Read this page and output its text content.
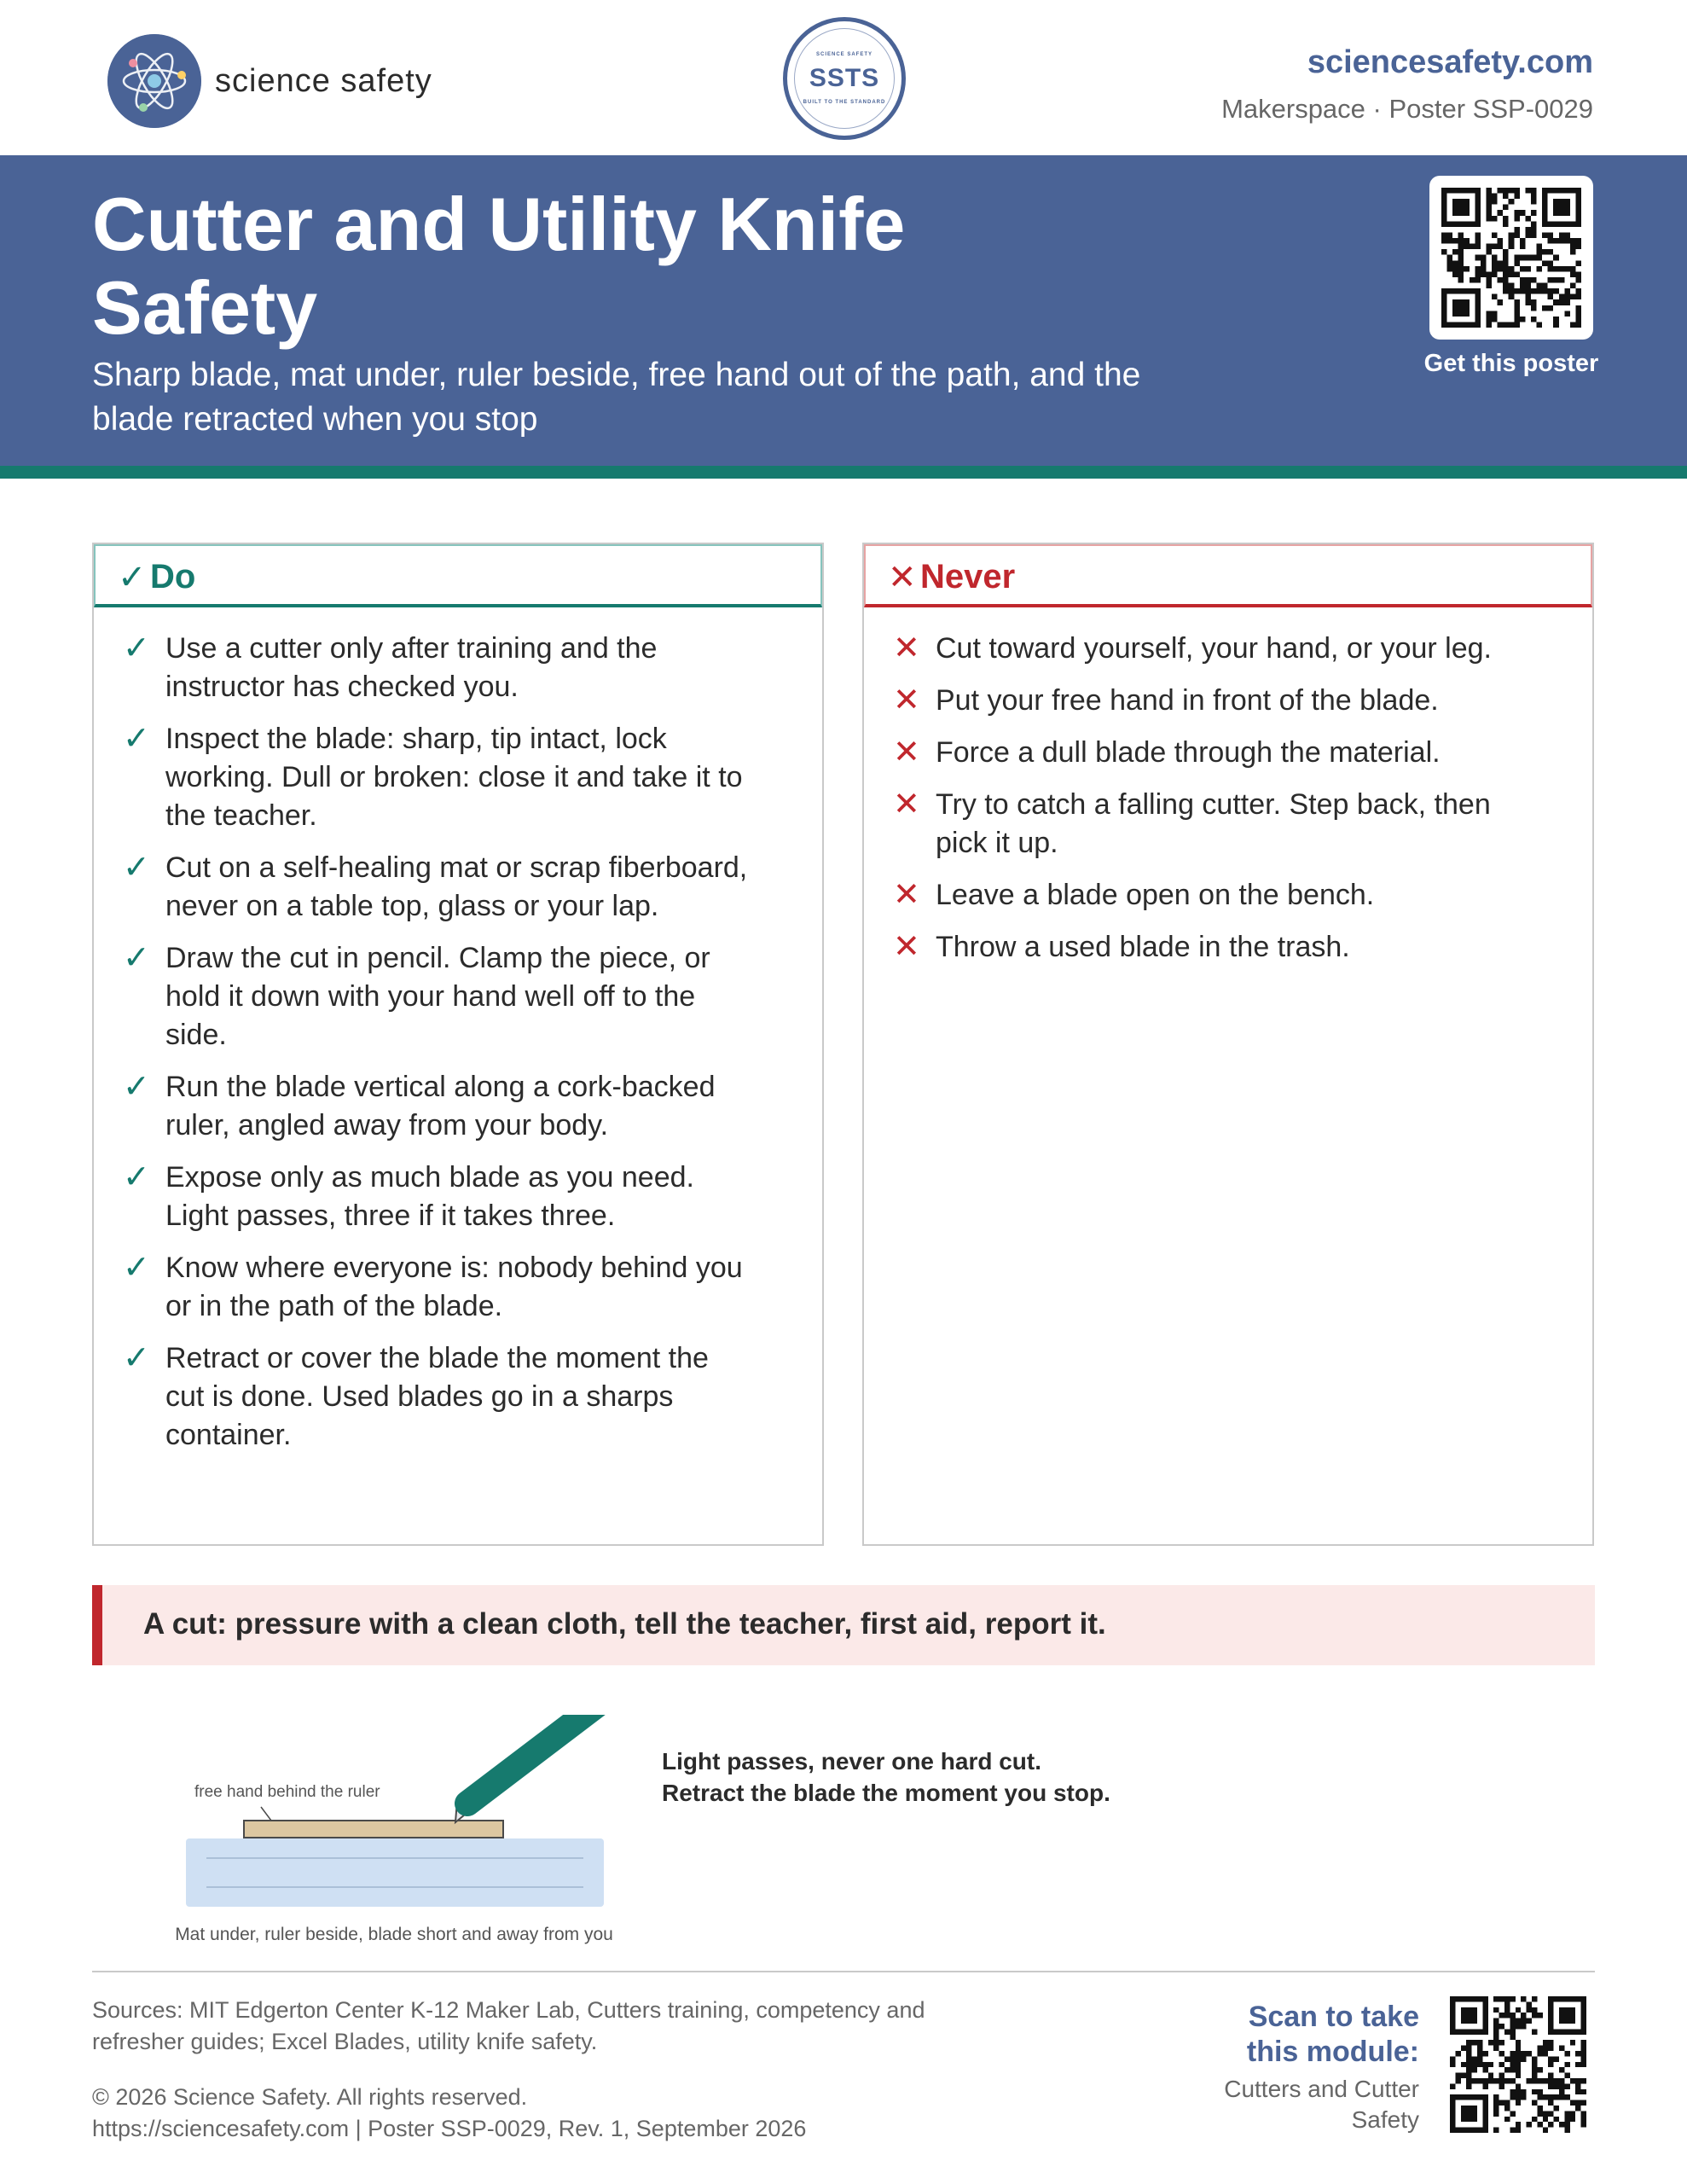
science safety
SCIENCE SAFETY
SSTS
BUILT TO THE STANDARD
sciencesafety.com
Makerspace · Poster SSP-0029
Cutter and Utility Knife Safety
Sharp blade, mat under, ruler beside, free hand out of the path, and the blade retracted when you stop
Get this poster
✓ Do
✓ Use a cutter only after training and the instructor has checked you.
✓ Inspect the blade: sharp, tip intact, lock working. Dull or broken: close it and take it to the teacher.
✓ Cut on a self-healing mat or scrap fiberboard, never on a table top, glass or your lap.
✓ Draw the cut in pencil. Clamp the piece, or hold it down with your hand well off to the side.
✓ Run the blade vertical along a cork-backed ruler, angled away from your body.
✓ Expose only as much blade as you need. Light passes, three if it takes three.
✓ Know where everyone is: nobody behind you or in the path of the blade.
✓ Retract or cover the blade the moment the cut is done. Used blades go in a sharps container.
✕ Never
✕ Cut toward yourself, your hand, or your leg.
✕ Put your free hand in front of the blade.
✕ Force a dull blade through the material.
✕ Try to catch a falling cutter. Step back, then pick it up.
✕ Leave a blade open on the bench.
✕ Throw a used blade in the trash.
A cut: pressure with a clean cloth, tell the teacher, first aid, report it.
free hand behind the ruler
Mat under, ruler beside, blade short and away from you
Light passes, never one hard cut.
Retract the blade the moment you stop.
Sources: MIT Edgerton Center K-12 Maker Lab, Cutters training, competency and
refresher guides; Excel Blades, utility knife safety.
© 2026 Science Safety. All rights reserved.
https://sciencesafety.com | Poster SSP-0029, Rev. 1, September 2026
Scan to take
this module:
Cutters and Cutter
Safety
